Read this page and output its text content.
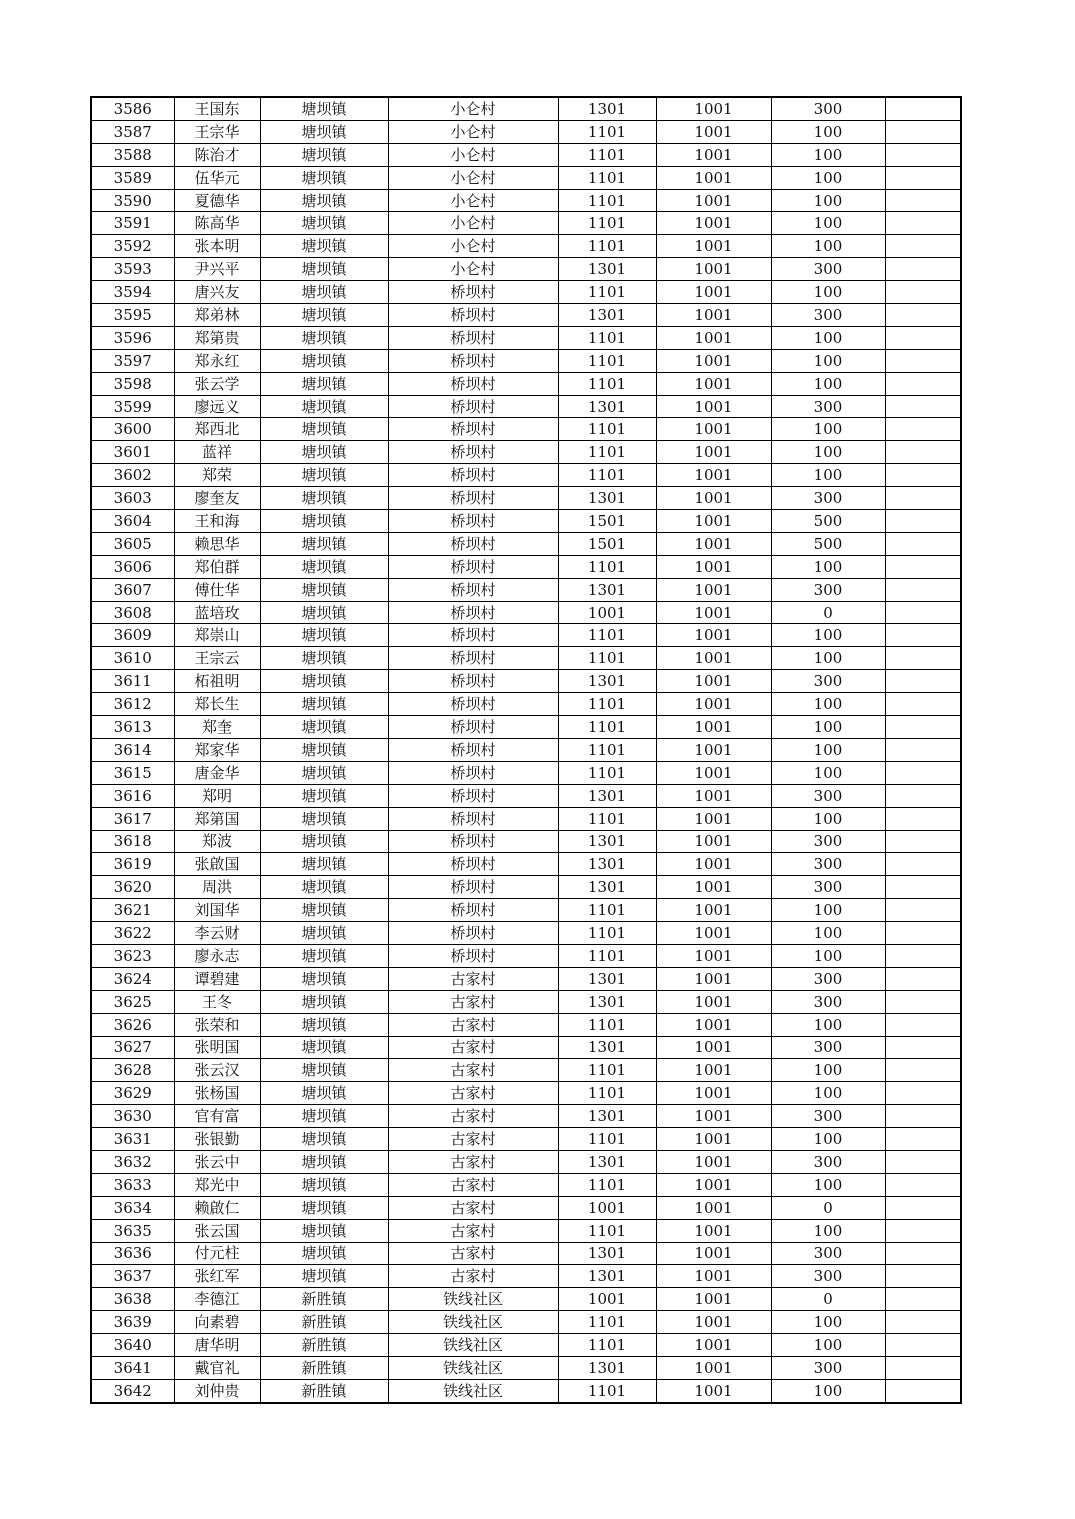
3586	王国东	塘坝镇	小仑村	1301	1001	300	
3587	王宗华	塘坝镇	小仑村	1101	1001	100	
3588	陈治才	塘坝镇	小仑村	1101	1001	100	
3589	伍华元	塘坝镇	小仑村	1101	1001	100	
3590	夏德华	塘坝镇	小仑村	1101	1001	100	
3591	陈高华	塘坝镇	小仑村	1101	1001	100	
3592	张本明	塘坝镇	小仑村	1101	1001	100	
3593	尹兴平	塘坝镇	小仑村	1301	1001	300	
3594	唐兴友	塘坝镇	桥坝村	1101	1001	100	
3595	郑弟林	塘坝镇	桥坝村	1301	1001	300	
3596	郑第贵	塘坝镇	桥坝村	1101	1001	100	
3597	郑永红	塘坝镇	桥坝村	1101	1001	100	
3598	张云学	塘坝镇	桥坝村	1101	1001	100	
3599	廖远义	塘坝镇	桥坝村	1301	1001	300	
3600	郑西北	塘坝镇	桥坝村	1101	1001	100	
3601	蓝祥	塘坝镇	桥坝村	1101	1001	100	
3602	郑荣	塘坝镇	桥坝村	1101	1001	100	
3603	廖奎友	塘坝镇	桥坝村	1301	1001	300	
3604	王和海	塘坝镇	桥坝村	1501	1001	500	
3605	赖思华	塘坝镇	桥坝村	1501	1001	500	
3606	郑伯群	塘坝镇	桥坝村	1101	1001	100	
3607	傅仕华	塘坝镇	桥坝村	1301	1001	300	
3608	蓝培玫	塘坝镇	桥坝村	1001	1001	0	
3609	郑崇山	塘坝镇	桥坝村	1101	1001	100	
3610	王宗云	塘坝镇	桥坝村	1101	1001	100	
3611	柘祖明	塘坝镇	桥坝村	1301	1001	300	
3612	郑长生	塘坝镇	桥坝村	1101	1001	100	
3613	郑奎	塘坝镇	桥坝村	1101	1001	100	
3614	郑家华	塘坝镇	桥坝村	1101	1001	100	
3615	唐金华	塘坝镇	桥坝村	1101	1001	100	
3616	郑明	塘坝镇	桥坝村	1301	1001	300	
3617	郑第国	塘坝镇	桥坝村	1101	1001	100	
3618	郑波	塘坝镇	桥坝村	1301	1001	300	
3619	张啟国	塘坝镇	桥坝村	1301	1001	300	
3620	周洪	塘坝镇	桥坝村	1301	1001	300	
3621	刘国华	塘坝镇	桥坝村	1101	1001	100	
3622	李云财	塘坝镇	桥坝村	1101	1001	100	
3623	廖永志	塘坝镇	桥坝村	1101	1001	100	
3624	谭碧建	塘坝镇	古家村	1301	1001	300	
3625	王冬	塘坝镇	古家村	1301	1001	300	
3626	张荣和	塘坝镇	古家村	1101	1001	100	
3627	张明国	塘坝镇	古家村	1301	1001	300	
3628	张云汉	塘坝镇	古家村	1101	1001	100	
3629	张杨国	塘坝镇	古家村	1101	1001	100	
3630	官有富	塘坝镇	古家村	1301	1001	300	
3631	张银勤	塘坝镇	古家村	1101	1001	100	
3632	张云中	塘坝镇	古家村	1301	1001	300	
3633	郑光中	塘坝镇	古家村	1101	1001	100	
3634	赖啟仁	塘坝镇	古家村	1001	1001	0	
3635	张云国	塘坝镇	古家村	1101	1001	100	
3636	付元柱	塘坝镇	古家村	1301	1001	300	
3637	张红军	塘坝镇	古家村	1301	1001	300	
3638	李德江	新胜镇	铁线社区	1001	1001	0	
3639	向素碧	新胜镇	铁线社区	1101	1001	100	
3640	唐华明	新胜镇	铁线社区	1101	1001	100	
3641	戴官礼	新胜镇	铁线社区	1301	1001	300	
3642	刘仲贵	新胜镇	铁线社区	1101	1001	100	
